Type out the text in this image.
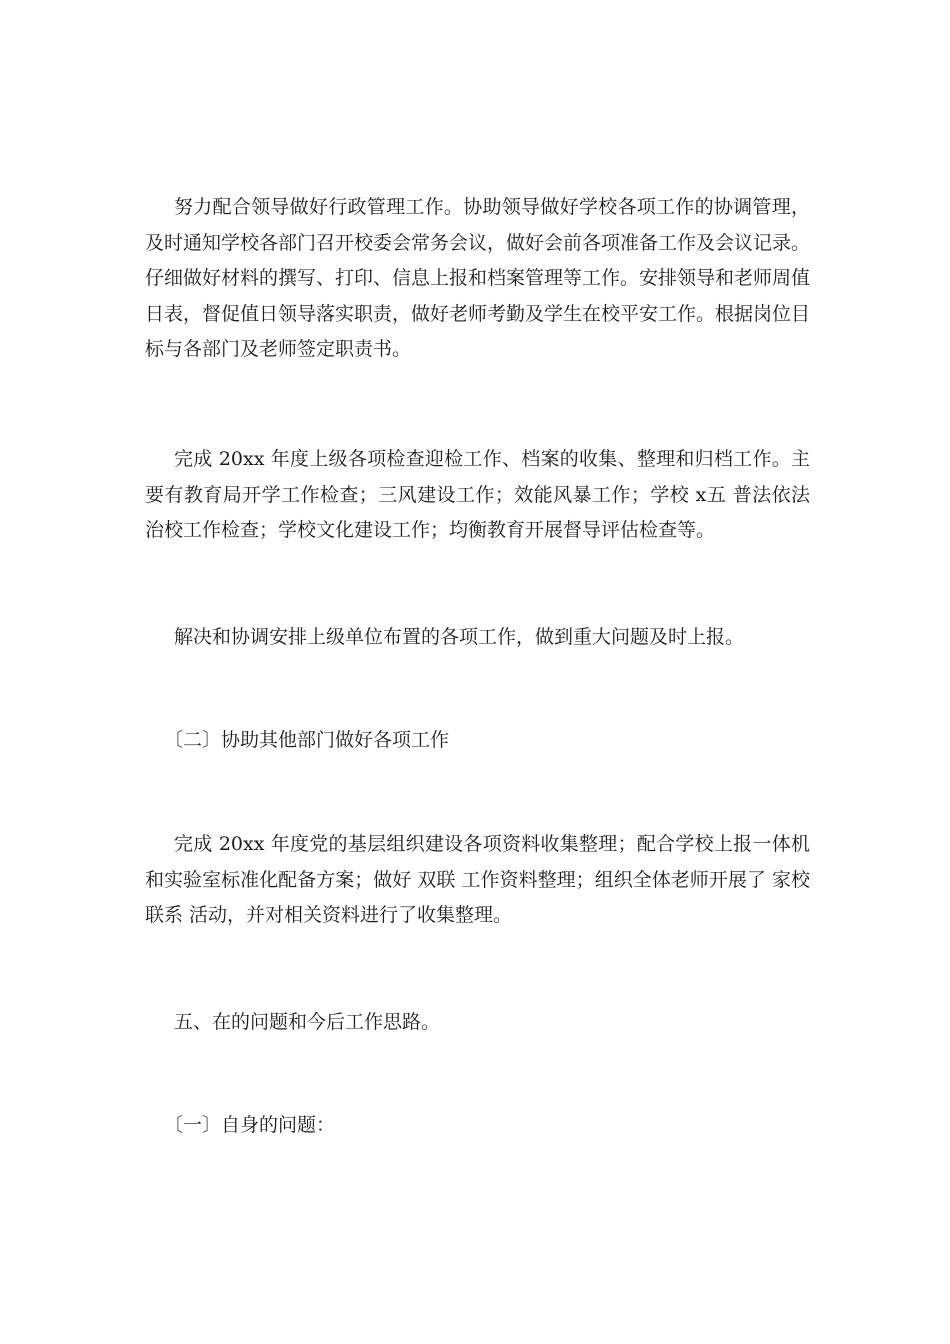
努力配合领导做好行政管理工作。协助领导做好学校各项工作的协调管理，及时通知学校各部门召开校委会常务会议，做好会前各项准备工作及会议记录。仔细做好材料的撰写、打印、信息上报和档案管理等工作。安排领导和老师周值日表，督促值日领导落实职责，做好老师考勤及学生在校平安工作。根据岗位目标与各部门及老师签定职责书。

完成 20xx 年度上级各项检查迎检工作、档案的收集、整理和归档工作。主要有教育局开学工作检查；三风建设工作；效能风暴工作；学校 x五 普法依法治校工作检查；学校文化建设工作；均衡教育开展督导评估检查等。

解决和协调安排上级单位布置的各项工作，做到重大问题及时上报。

〔二〕协助其他部门做好各项工作

完成 20xx 年度党的基层组织建设各项资料收集整理；配合学校上报一体机和实验室标准化配备方案；做好 双联 工作资料整理；组织全体老师开展了 家校联系 活动，并对相关资料进行了收集整理。

五、在的问题和今后工作思路。

〔一〕自身的问题：
